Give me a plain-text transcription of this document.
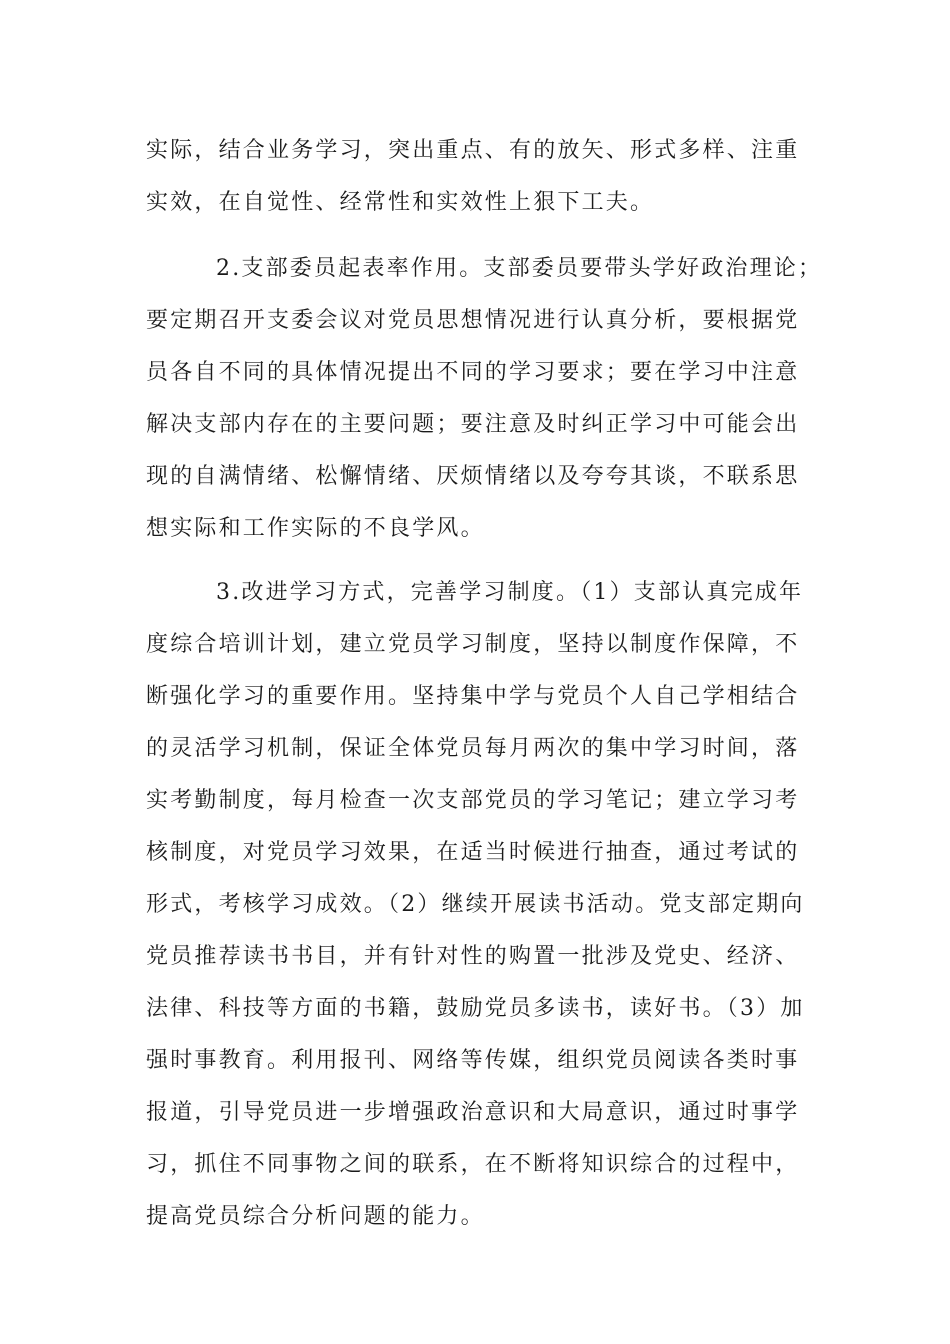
实际，结合业务学习，突出重点、有的放矢、形式多样、注重
实效，在自觉性、经常性和实效性上狠下工夫。
2.支部委员起表率作用。支部委员要带头学好政治理论；
要定期召开支委会议对党员思想情况进行认真分析，要根据党
员各自不同的具体情况提出不同的学习要求；要在学习中注意
解决支部内存在的主要问题；要注意及时纠正学习中可能会出
现的自满情绪、松懈情绪、厌烦情绪以及夸夸其谈，不联系思
想实际和工作实际的不良学风。
3.改进学习方式，完善学习制度。（1）支部认真完成年
度综合培训计划，建立党员学习制度，坚持以制度作保障，不
断强化学习的重要作用。坚持集中学与党员个人自己学相结合
的灵活学习机制，保证全体党员每月两次的集中学习时间，落
实考勤制度，每月检查一次支部党员的学习笔记；建立学习考
核制度，对党员学习效果，在适当时候进行抽查，通过考试的
形式，考核学习成效。（2）继续开展读书活动。党支部定期向
党员推荐读书书目，并有针对性的购置一批涉及党史、经济、
法律、科技等方面的书籍，鼓励党员多读书，读好书。（3）加
强时事教育。利用报刊、网络等传媒，组织党员阅读各类时事
报道，引导党员进一步增强政治意识和大局意识，通过时事学
习，抓住不同事物之间的联系，在不断将知识综合的过程中，
提高党员综合分析问题的能力。
